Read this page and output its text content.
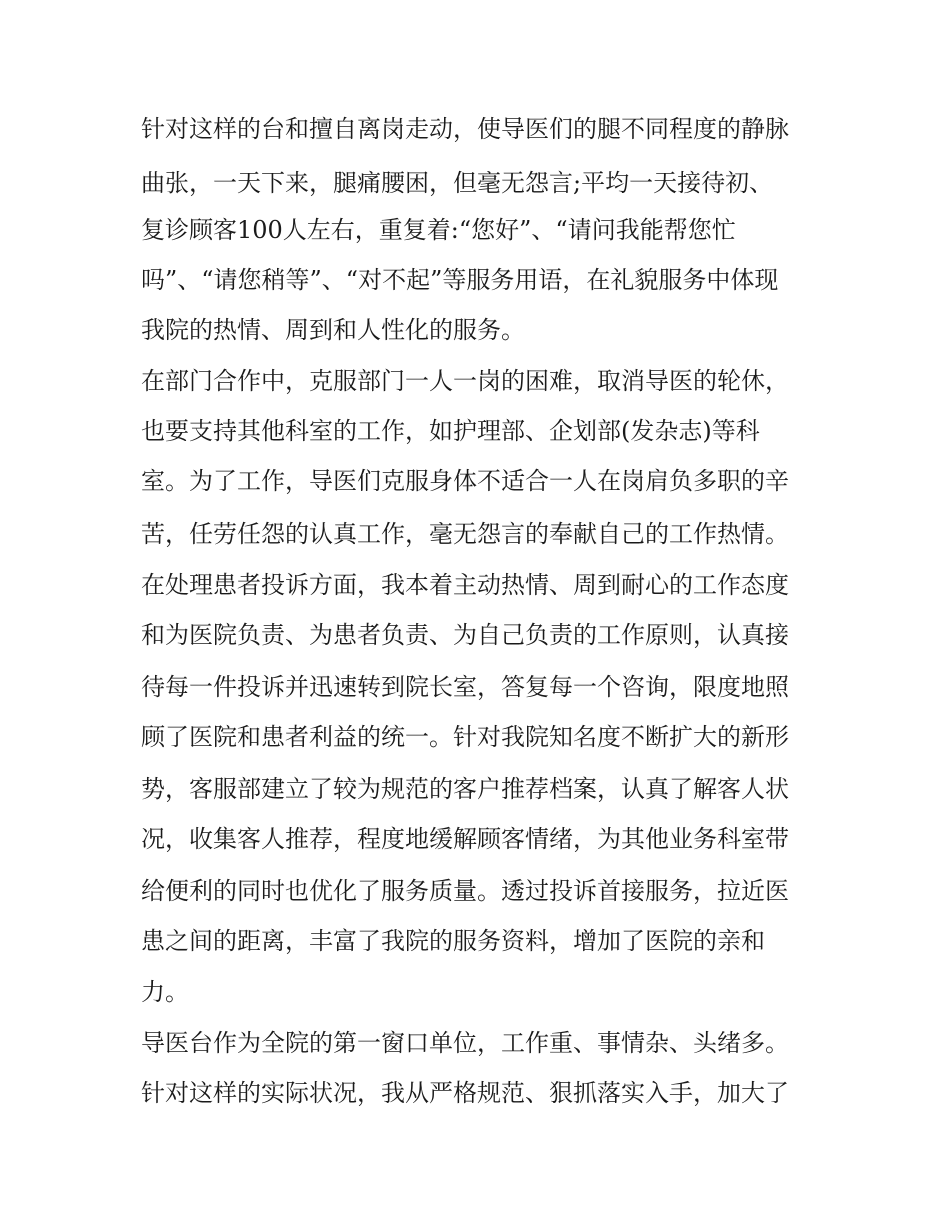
针对这样的台和擅自离岗走动，使导医们的腿不同程度的静脉

曲张，一天下来，腿痛腰困，但毫无怨言;平均一天接待初、

复诊顾客100人左右，重复着:“您好”、“请问我能帮您忙

吗”、“请您稍等”、“对不起”等服务用语，在礼貌服务中体现

我院的热情、周到和人性化的服务。

在部门合作中，克服部门一人一岗的困难，取消导医的轮休，

也要支持其他科室的工作，如护理部、企划部(发杂志)等科

室。为了工作，导医们克服身体不适合一人在岗肩负多职的辛

苦，任劳任怨的认真工作，毫无怨言的奉献自己的工作热情。

在处理患者投诉方面，我本着主动热情、周到耐心的工作态度

和为医院负责、为患者负责、为自己负责的工作原则，认真接

待每一件投诉并迅速转到院长室，答复每一个咨询，限度地照

顾了医院和患者利益的统一。针对我院知名度不断扩大的新形

势，客服部建立了较为规范的客户推荐档案，认真了解客人状

况，收集客人推荐，程度地缓解顾客情绪，为其他业务科室带

给便利的同时也优化了服务质量。透过投诉首接服务，拉近医

患之间的距离，丰富了我院的服务资料，增加了医院的亲和

力。

导医台作为全院的第一窗口单位，工作重、事情杂、头绪多。

针对这样的实际状况，我从严格规范、狠抓落实入手，加大了
